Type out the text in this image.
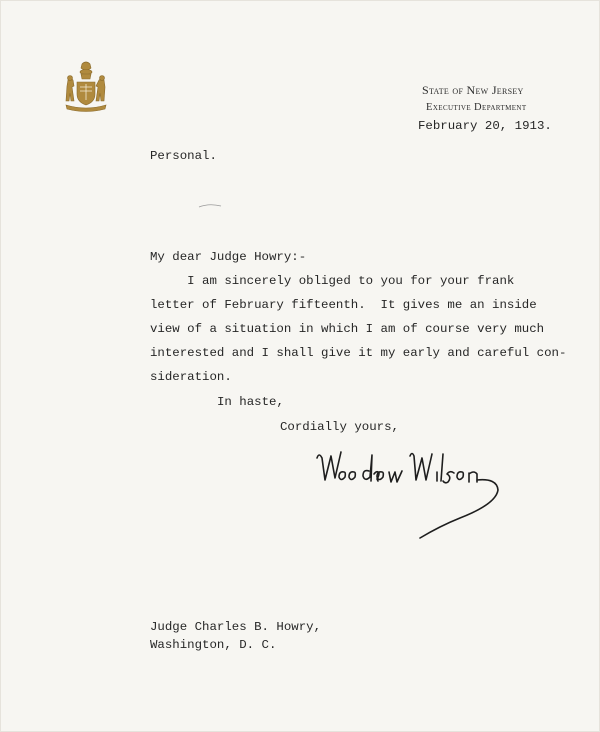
State of New Jersey
Executive Department
February 20, 1913.
Personal.
My dear Judge Howry:-
I am sincerely obliged to you for your frank
letter of February fifteenth.  It gives me an inside
view of a situation in which I am of course very much
interested and I shall give it my early and careful con-
sideration.
In haste,
Cordially yours,
Judge Charles B. Howry,
Washington, D. C.
